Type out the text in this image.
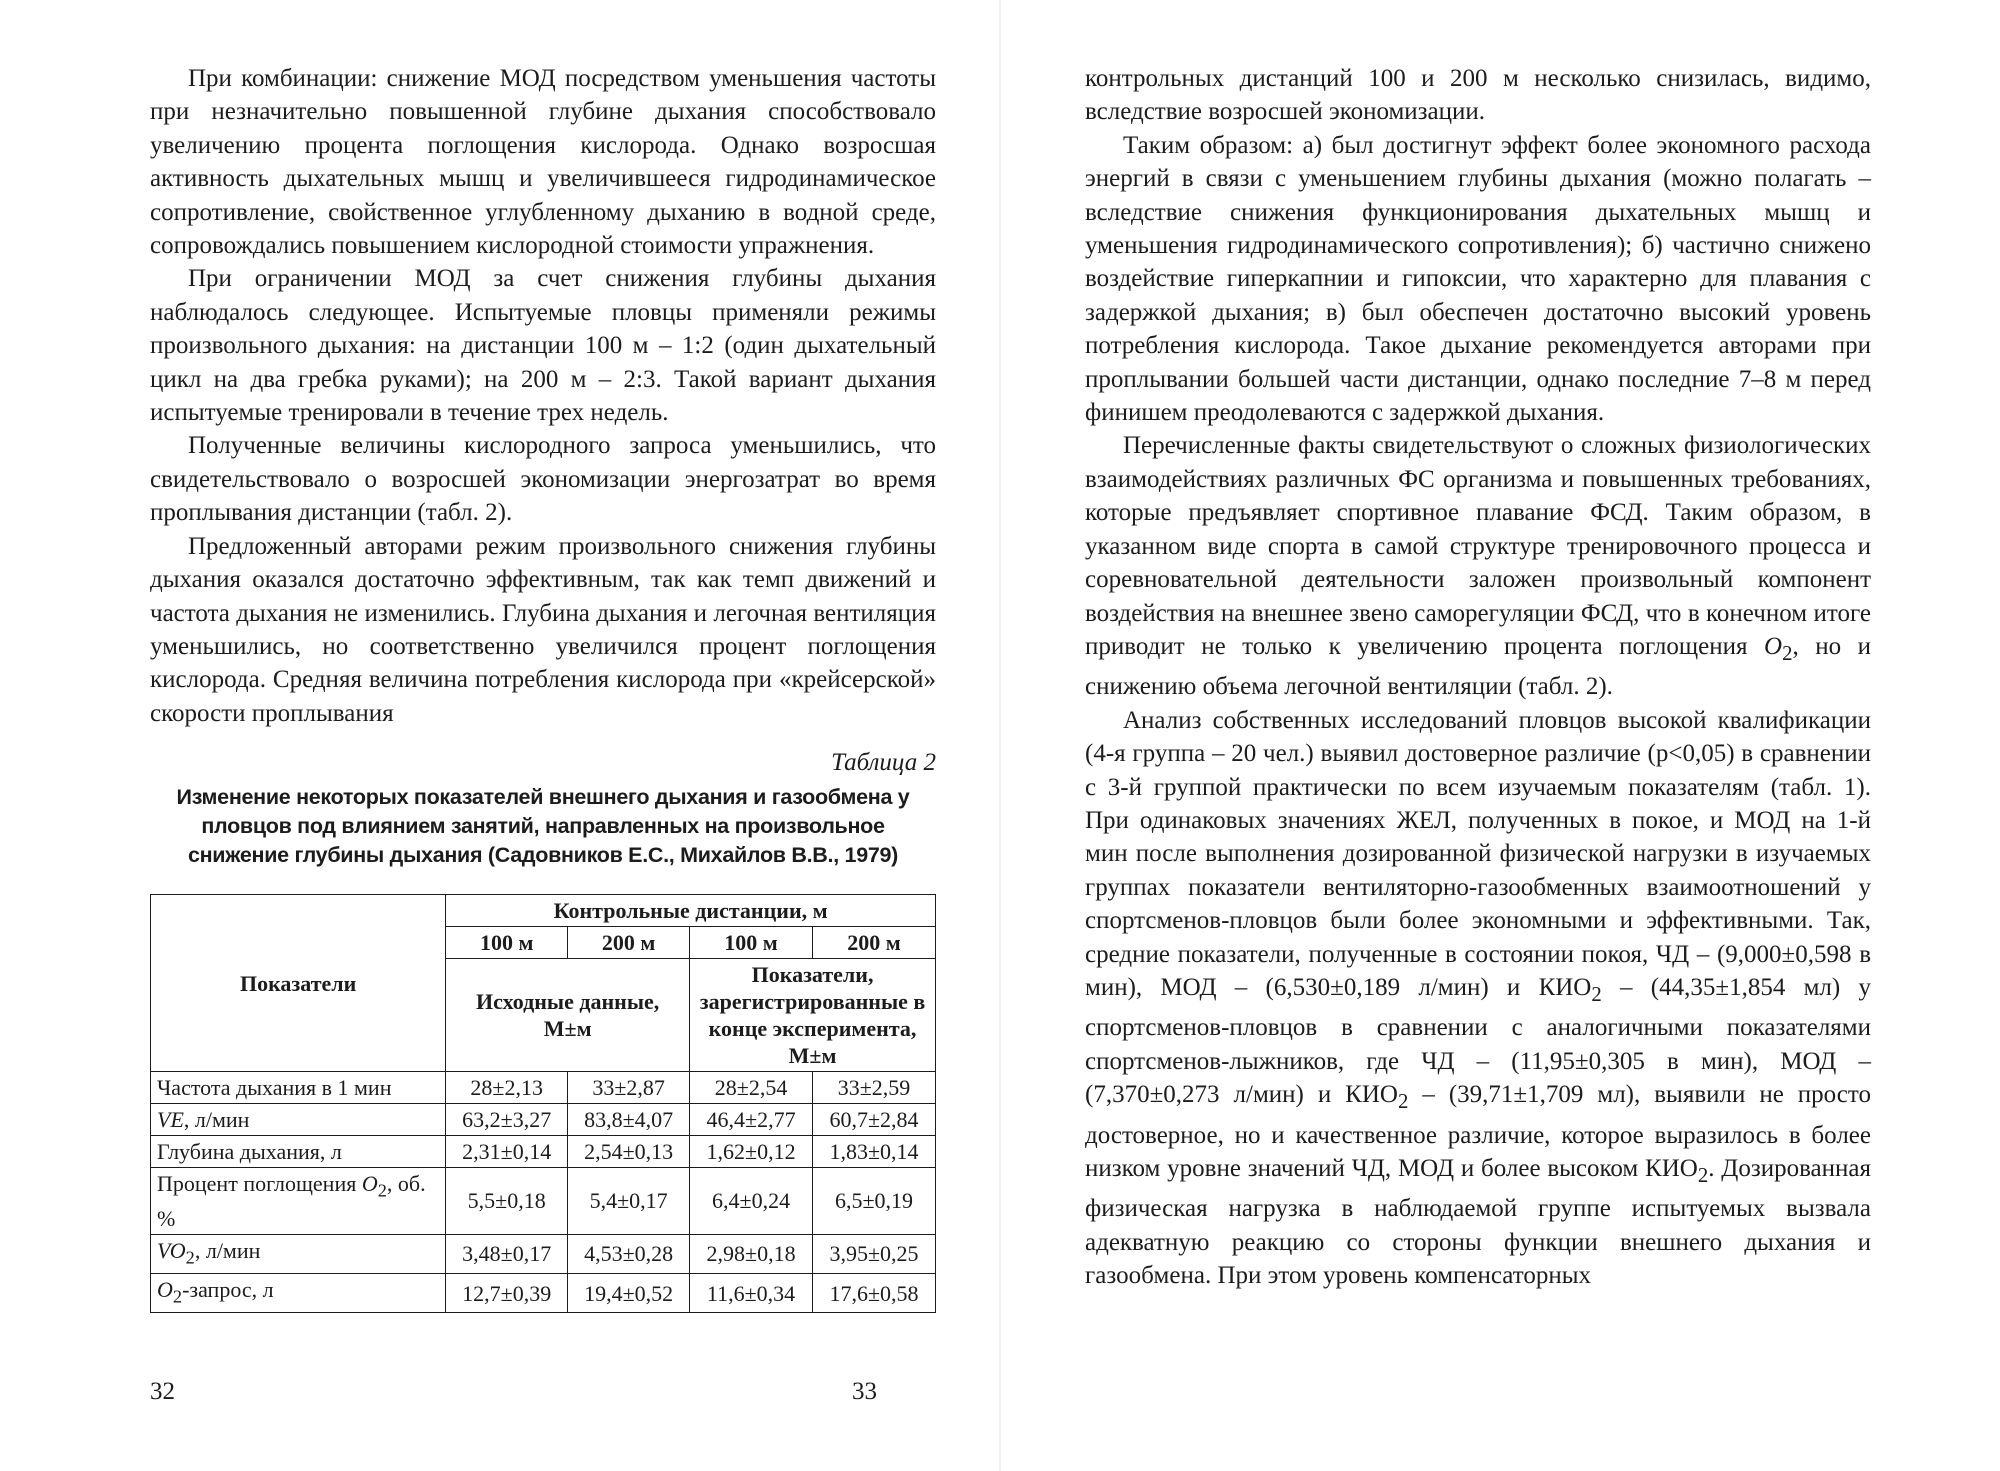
При комбинации: снижение МОД посредством уменьшения частоты при незначительно повышенной глубине дыхания способствовало увеличению процента поглощения кислорода. Однако возросшая активность дыхательных мышц и увеличившееся гидродинамическое сопротивление, свойственное углубленному дыханию в водной среде, сопровождались повышением кислородной стоимости упражнения.

При ограничении МОД за счет снижения глубины дыхания наблюдалось следующее. Испытуемые пловцы применяли режимы произвольного дыхания: на дистанции 100 м – 1:2 (один дыхательный цикл на два гребка руками); на 200 м – 2:3. Такой вариант дыхания испытуемые тренировали в течение трех недель.

Полученные величины кислородного запроса уменьшились, что свидетельствовало о возросшей экономизации энергозатрат во время проплывания дистанции (табл. 2).

Предложенный авторами режим произвольного снижения глубины дыхания оказался достаточно эффективным, так как темп движений и частота дыхания не изменились. Глубина дыхания и легочная вентиляция уменьшились, но соответственно увеличился процент поглощения кислорода. Средняя величина потребления кислорода при «крейсерской» скорости проплывания

Таблица 2
Изменение некоторых показателей внешнего дыхания и газообмена у пловцов под влиянием занятий, направленных на произвольное снижение глубины дыхания (Садовников Е.С., Михайлов В.В., 1979)
Показатели	Контрольные дистанции, м			
	100 м	200 м	100 м	200 м
	Исходные данные, М±м		Показатели, зарегистрированные в конце эксперимента, М±м	
Частота дыхания в 1 мин	28±2,13	33±2,87	28±2,54	33±2,59
VE, л/мин	63,2±3,27	83,8±4,07	46,4±2,77	60,7±2,84
Глубина дыхания, л	2,31±0,14	2,54±0,13	1,62±0,12	1,83±0,14
Процент поглощения $O_2$, об. %	5,5±0,18	5,4±0,17	6,4±0,24	6,5±0,19
$VO_2$, л/мин	3,48±0,17	4,53±0,28	2,98±0,18	3,95±0,25
$O_2$-запрос, л	12,7±0,39	19,4±0,52	11,6±0,34	17,6±0,58
32

контрольных дистанций 100 и 200 м несколько снизилась, видимо, вследствие возросшей экономизации.

Таким образом: а) был достигнут эффект более экономного расхода энергий в связи с уменьшением глубины дыхания (можно полагать – вследствие снижения функционирования дыхательных мышц и уменьшения гидродинамического сопротивления); б) частично снижено воздействие гиперкапнии и гипоксии, что характерно для плавания с задержкой дыхания; в) был обеспечен достаточно высокий уровень потребления кислорода. Такое дыхание рекомендуется авторами при проплывании большей части дистанции, однако последние 7–8 м перед финишем преодолеваются с задержкой дыхания.

Перечисленные факты свидетельствуют о сложных физиологических взаимодействиях различных ФС организма и повышенных требованиях, которые предъявляет спортивное плавание ФСД. Таким образом, в указанном виде спорта в самой структуре тренировочного процесса и соревновательной деятельности заложен произвольный компонент воздействия на внешнее звено саморегуляции ФСД, что в конечном итоге приводит не только к увеличению процента поглощения $O_2$, но и снижению объема легочной вентиляции (табл. 2).

Анализ собственных исследований пловцов высокой квалификации (4-я группа – 20 чел.) выявил достоверное различие (p<0,05) в сравнении с 3-й группой практически по всем изучаемым показателям (табл. 1). При одинаковых значениях ЖЕЛ, полученных в покое, и МОД на 1-й мин после выполнения дозированной физической нагрузки в изучаемых группах показатели вентиляторно-газообменных взаимоотношений у спортсменов-пловцов были более экономными и эффективными. Так, средние показатели, полученные в состоянии покоя, ЧД – (9,000±0,598 в мин), МОД – (6,530±0,189 л/мин) и $КИО_2 - (44,35\pm 1,854$ мл) у спортсменов-пловцов в сравнении с аналогичными показателями спортсменов-лыжников, где ЧД – (11,95±0,305 в мин), МОД – (7,370±0,273 л/мин) и $КИО_2 - (39,71\pm 1,709$ мл), выявили не просто достоверное, но и качественное различие, которое выразилось в более низком уровне значений ЧД, МОД и более высоком $КИО_2$. Дозированная физическая нагрузка в наблюдаемой группе испытуемых вызвала адекватную реакцию со стороны функции внешнего дыхания и газообмена. При этом уровень компенсаторных

33
